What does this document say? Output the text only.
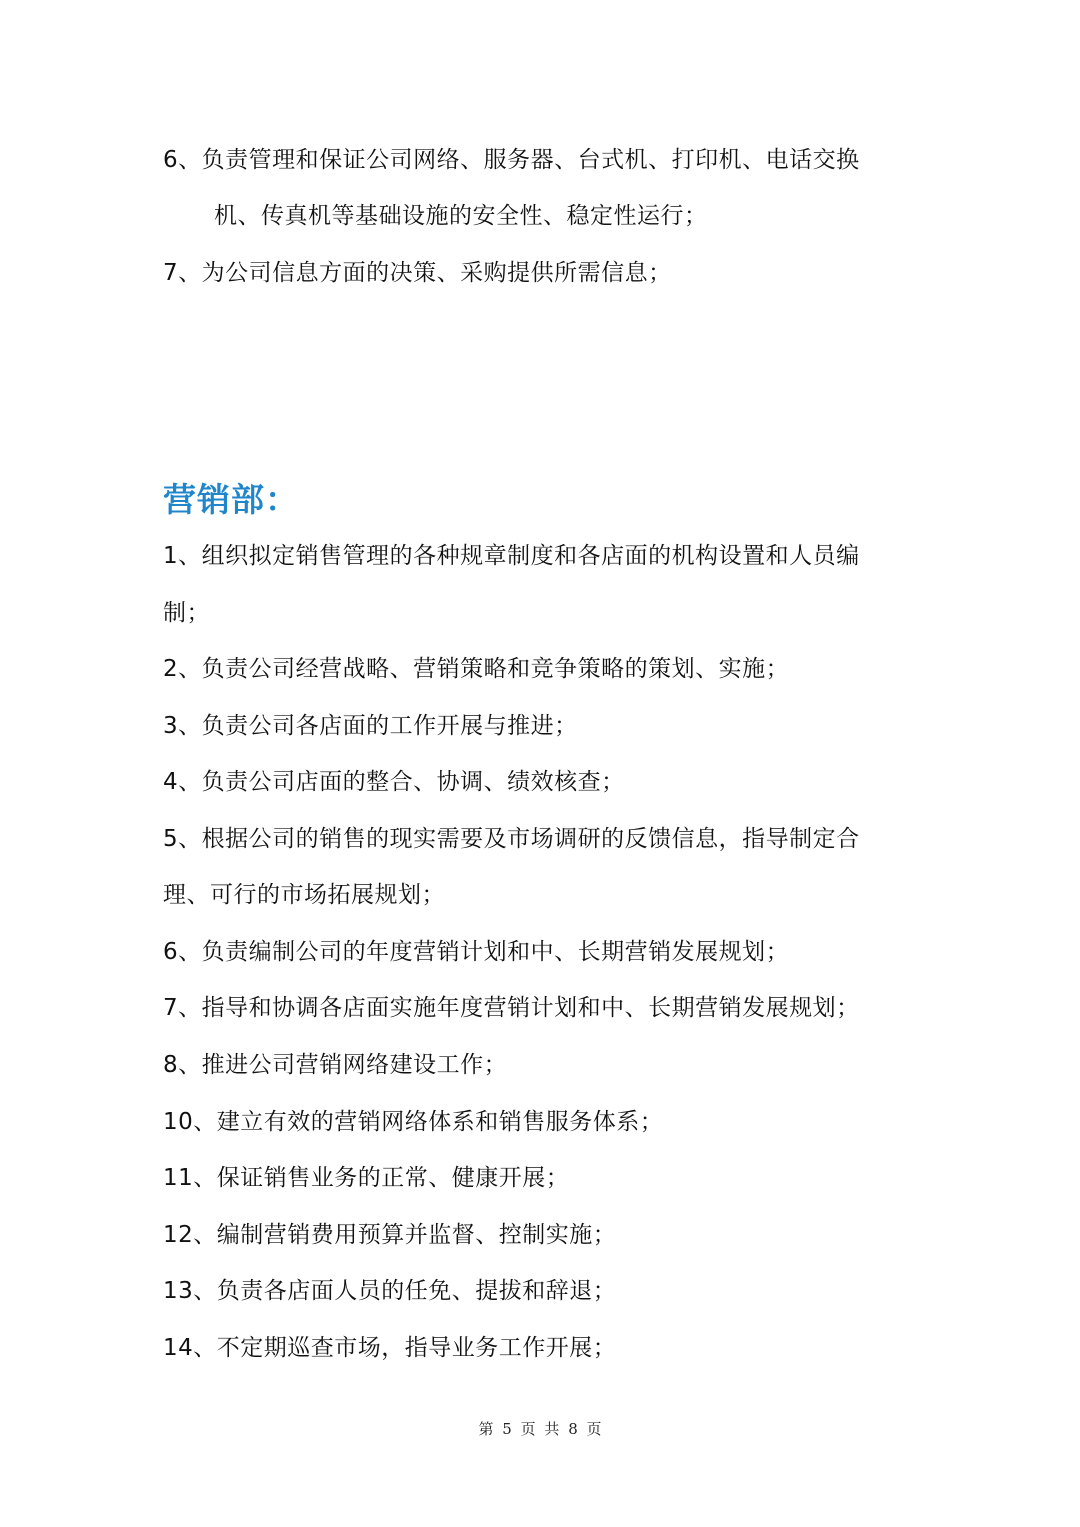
6、负责管理和保证公司网络、服务器、台式机、打印机、电话交换
机、传真机等基础设施的安全性、稳定性运行；
7、为公司信息方面的决策、采购提供所需信息；
营销部：
1、组织拟定销售管理的各种规章制度和各店面的机构设置和人员编
制；
2、负责公司经营战略、营销策略和竞争策略的策划、实施；
3、负责公司各店面的工作开展与推进；
4、负责公司店面的整合、协调、绩效核查；
5、根据公司的销售的现实需要及市场调研的反馈信息，指导制定合
理、可行的市场拓展规划；
6、负责编制公司的年度营销计划和中、长期营销发展规划；
7、指导和协调各店面实施年度营销计划和中、长期营销发展规划；
8、推进公司营销网络建设工作；
10、建立有效的营销网络体系和销售服务体系；
11、保证销售业务的正常、健康开展；
12、编制营销费用预算并监督、控制实施；
13、负责各店面人员的任免、提拔和辞退；
14、不定期巡查市场，指导业务工作开展；
第 5 页 共 8 页
